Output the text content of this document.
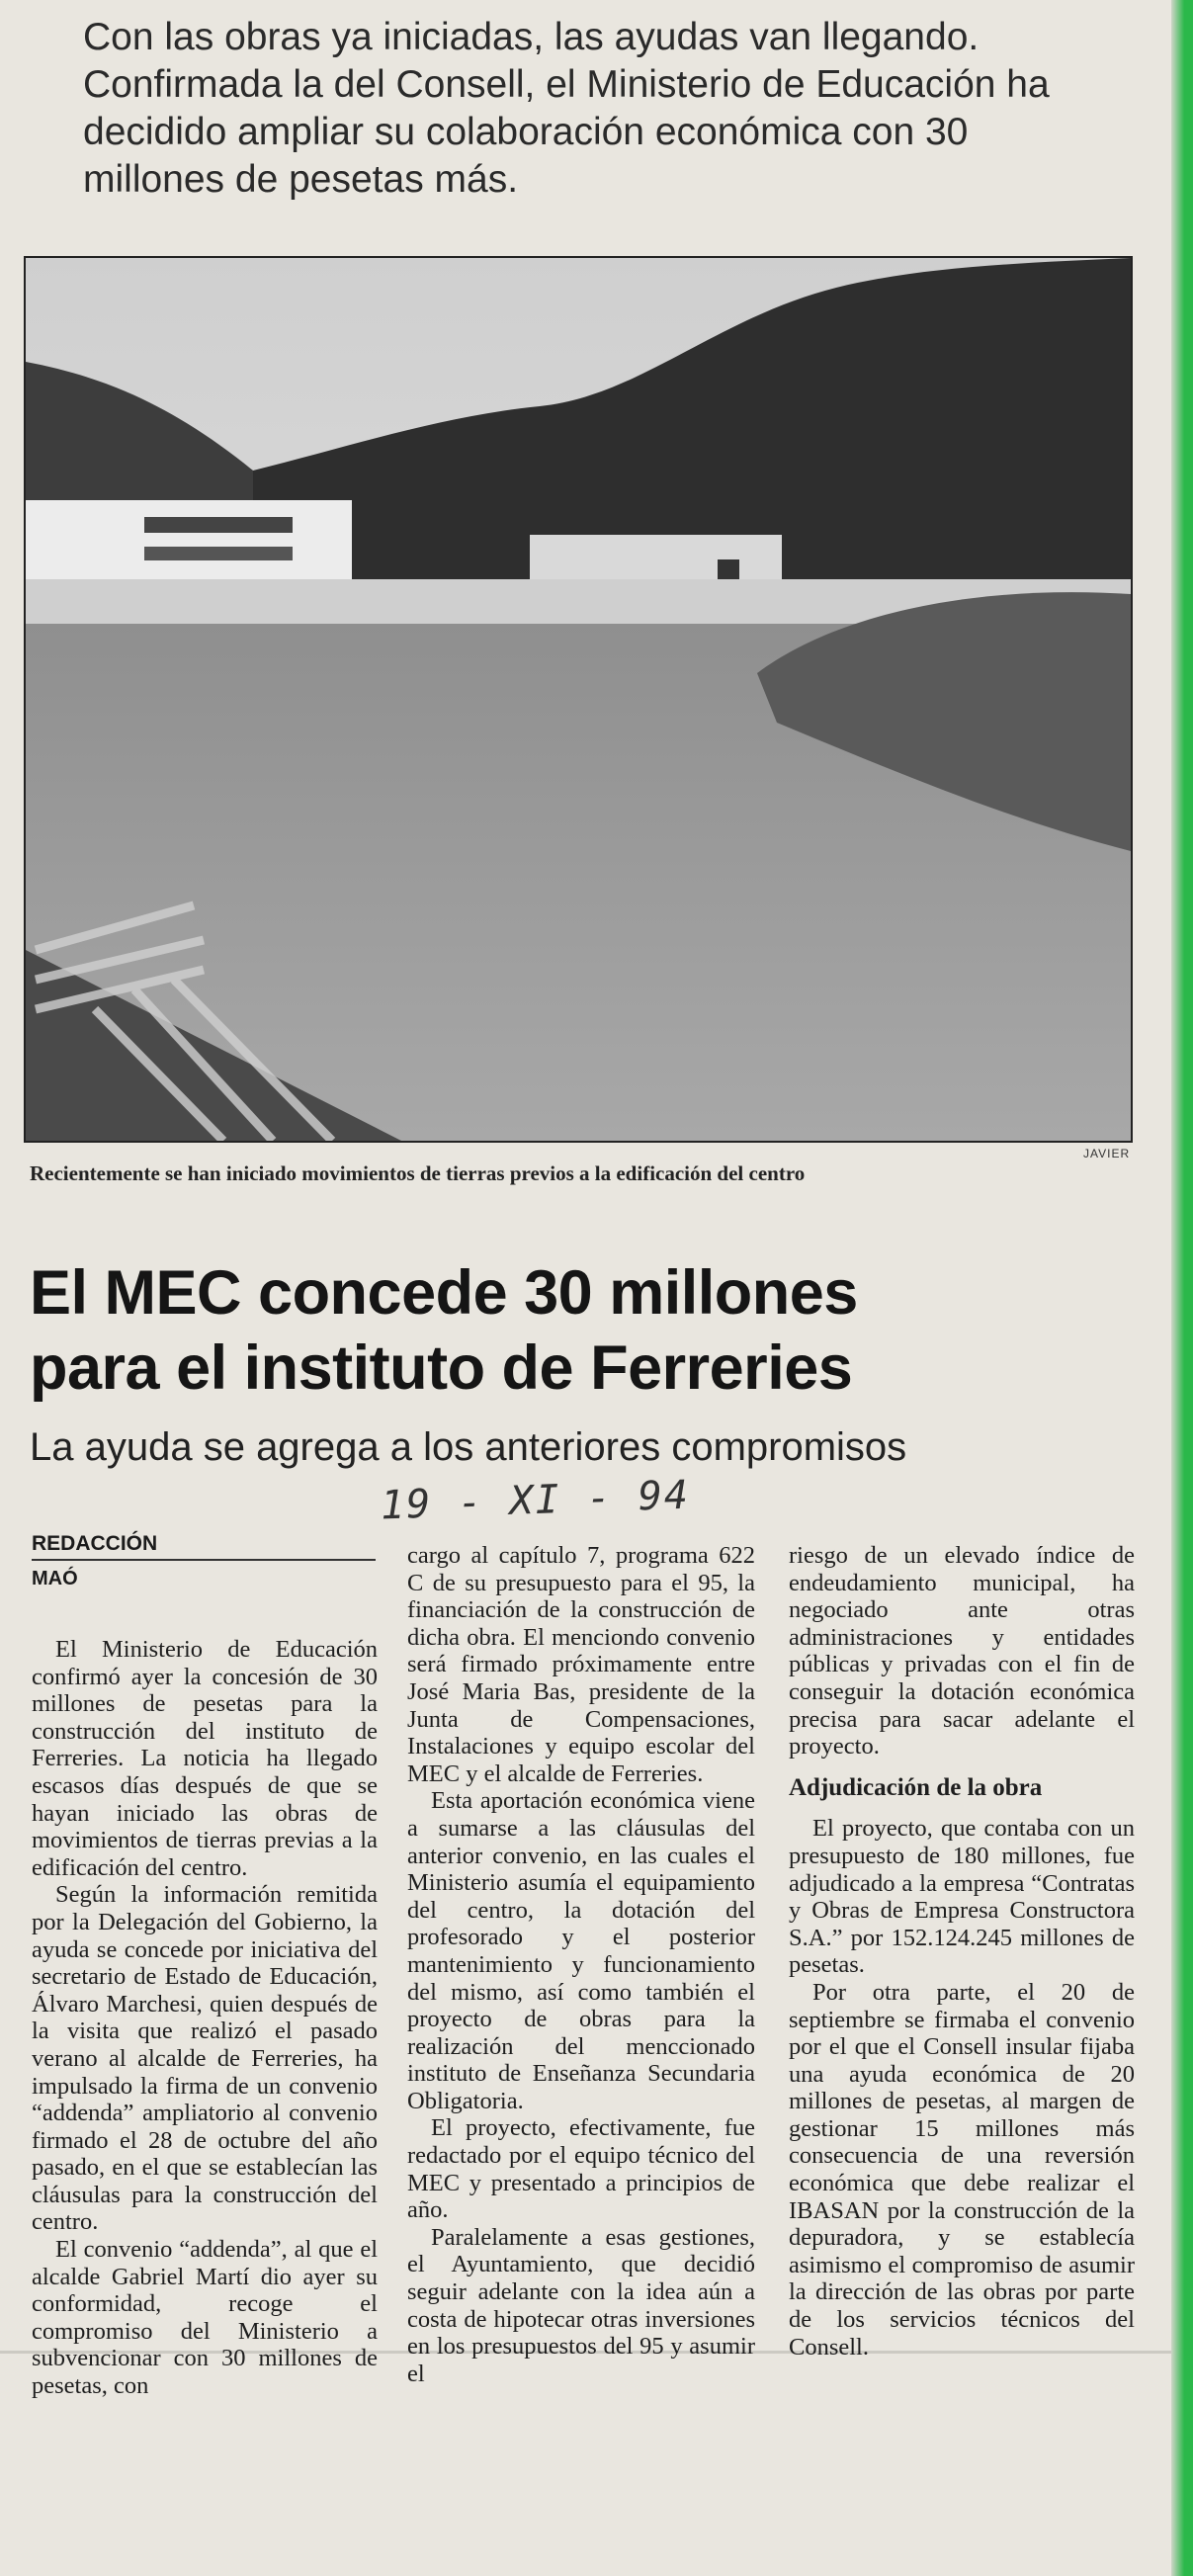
Con las obras ya iniciadas, las ayudas van llegando. Confirmada la del Consell, el Ministerio de Educación ha decidido ampliar su colaboración económica con 30 millones de pesetas más.
JAVIER
Recientemente se han iniciado movimientos de tierras previos a la edificación del centro
El MEC concede 30 millones
para el instituto de Ferreries
La ayuda se agrega a los anteriores compromisos
19 - XI - 94
REDACCIÓN
MAÓ

El Ministerio de Educación confirmó ayer la concesión de 30 millones de pesetas para la construcción del instituto de Ferreries. La noticia ha llegado escasos días después de que se hayan iniciado las obras de movimientos de tierras previas a la edificación del centro.

Según la información remitida por la Delegación del Gobierno, la ayuda se concede por iniciativa del secretario de Estado de Educación, Álvaro Marchesi, quien después de la visita que realizó el pasado verano al alcalde de Ferreries, ha impulsado la firma de un convenio “addenda” ampliatorio al convenio firmado el 28 de octubre del año pasado, en el que se establecían las cláusulas para la construcción del centro.

El convenio “addenda”, al que el alcalde Gabriel Martí dio ayer su conformidad, recoge el compromiso del Ministerio a subvencionar con 30 millones de pesetas, con

cargo al capítulo 7, programa 622 C de su presupuesto para el 95, la financiación de la construcción de dicha obra. El menciondo convenio será firmado próximamente entre José Maria Bas, presidente de la Junta de Compensaciones, Instalaciones y equipo escolar del MEC y el alcalde de Ferreries.

Esta aportación económica viene a sumarse a las cláusulas del anterior convenio, en las cuales el Ministerio asumía el equipamiento del centro, la dotación del profesorado y el posterior mantenimiento y funcionamiento del mismo, así como también el proyecto de obras para la realización del menccionado instituto de Enseñanza Secundaria Obligatoria.

El proyecto, efectivamente, fue redactado por el equipo técnico del MEC y presentado a principios de año.

Paralelamente a esas gestiones, el Ayuntamiento, que decidió seguir adelante con la idea aún a costa de hipotecar otras inversiones en los presupuestos del 95 y asumir el

riesgo de un elevado índice de endeudamiento municipal, ha negociado ante otras administraciones y entidades públicas y privadas con el fin de conseguir la dotación económica precisa para sacar adelante el proyecto.

Adjudicación de la obra

El proyecto, que contaba con un presupuesto de 180 millones, fue adjudicado a la empresa “Contratas y Obras de Empresa Constructora S.A.” por 152.124.245 millones de pesetas.

Por otra parte, el 20 de septiembre se firmaba el convenio por el que el Consell insular fijaba una ayuda económica de 20 millones de pesetas, al margen de gestionar 15 millones más consecuencia de una reversión económica que debe realizar el IBASAN por la construcción de la depuradora, y se establecía asimismo el compromiso de asumir la dirección de las obras por parte de los servicios técnicos del Consell.
